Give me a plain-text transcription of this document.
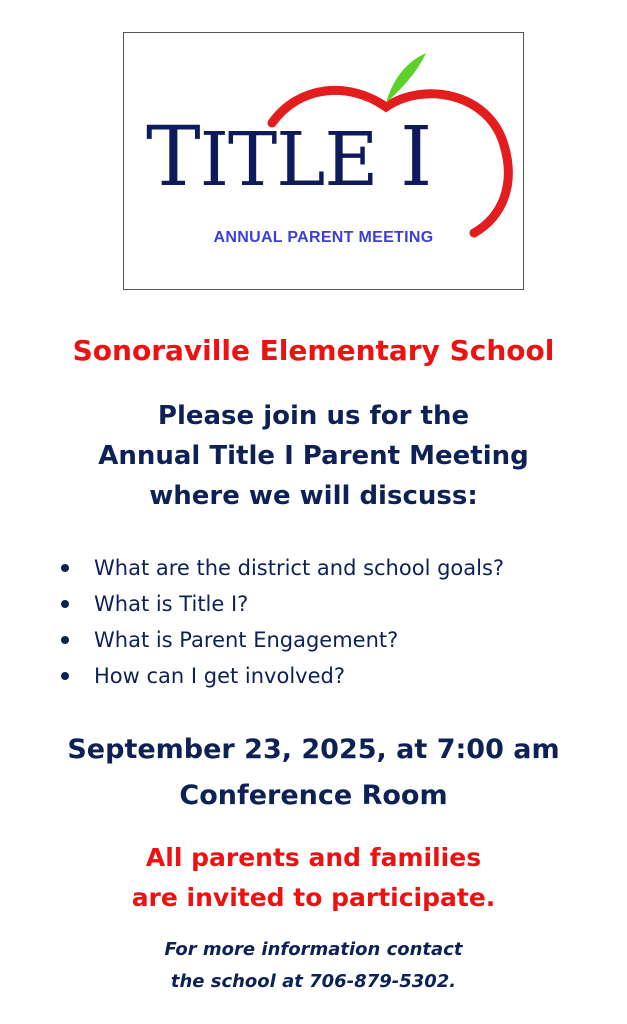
TITLE I
ANNUAL PARENT MEETING
Sonoraville Elementary School
Please join us for the
Annual Title I Parent Meeting
where we will discuss:
What are the district and school goals?
What is Title I?
What is Parent Engagement?
How can I get involved?
September 23, 2025, at 7:00 am
Conference Room
All parents and families
are invited to participate.
For more information contact
the school at 706-879-5302.
